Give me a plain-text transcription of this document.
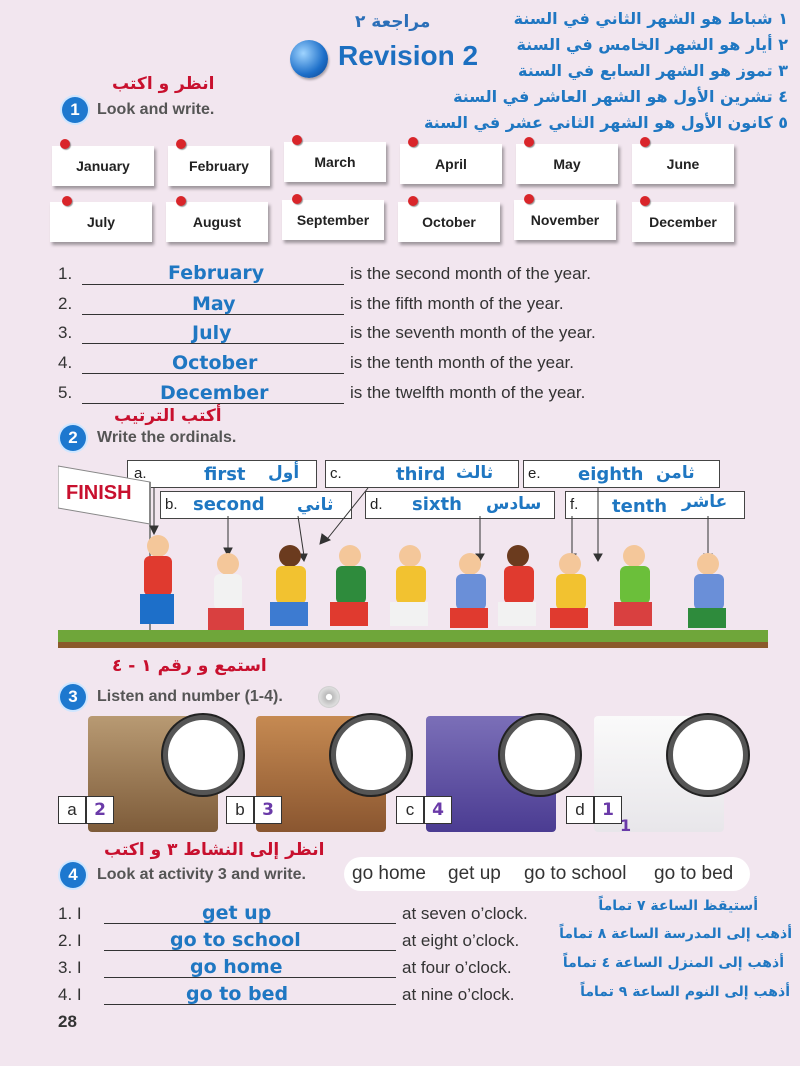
مراجعة ٢
Revision 2
١ شباط هو الشهر الثاني في السنة
٢ أيار هو الشهر الخامس في السنة
٣ تموز هو الشهر السابع في السنة
٤ تشرين الأول هو الشهر العاشر في السنة
٥ كانون الأول هو الشهر الثاني عشر في السنة
انظر و اكتب
1	Look and write.
January	February	March	April	May	June
July	August	September	October	November	December
1.	February	is the second month of the year.
2.	May	is the fifth month of the year.
3.	July	is the seventh month of the year.
4.	October	is the tenth month of the year.
5.	December	is the twelfth month of the year.
أكتب الترتيب
2	Write the ordinals.
a.	first أول c.	third ثالث e. eighth ثامن
b. second ثاني d. sixth سادس f. tenth عاشر
FINISH
استمع و رقم ١ - ٤
3	Listen and number (1-4).
a	2	b	3	c	4	d	1
1
انظر إلى النشاط ٣ و اكتب
4	Look at activity 3 and write. go home get up go to school go to bed
1. I	get up	at seven o’clock.	أستيقظ الساعة ٧ تماماً
2. I	go to school	at eight o’clock.	أذهب إلى المدرسة الساعة ٨ تماماً
3. I	go home	at four o’clock.	أذهب إلى المنزل الساعة ٤ تماماً
4. I	go to bed	at nine o’clock.	أذهب إلى النوم الساعة ٩ تماماً
28
